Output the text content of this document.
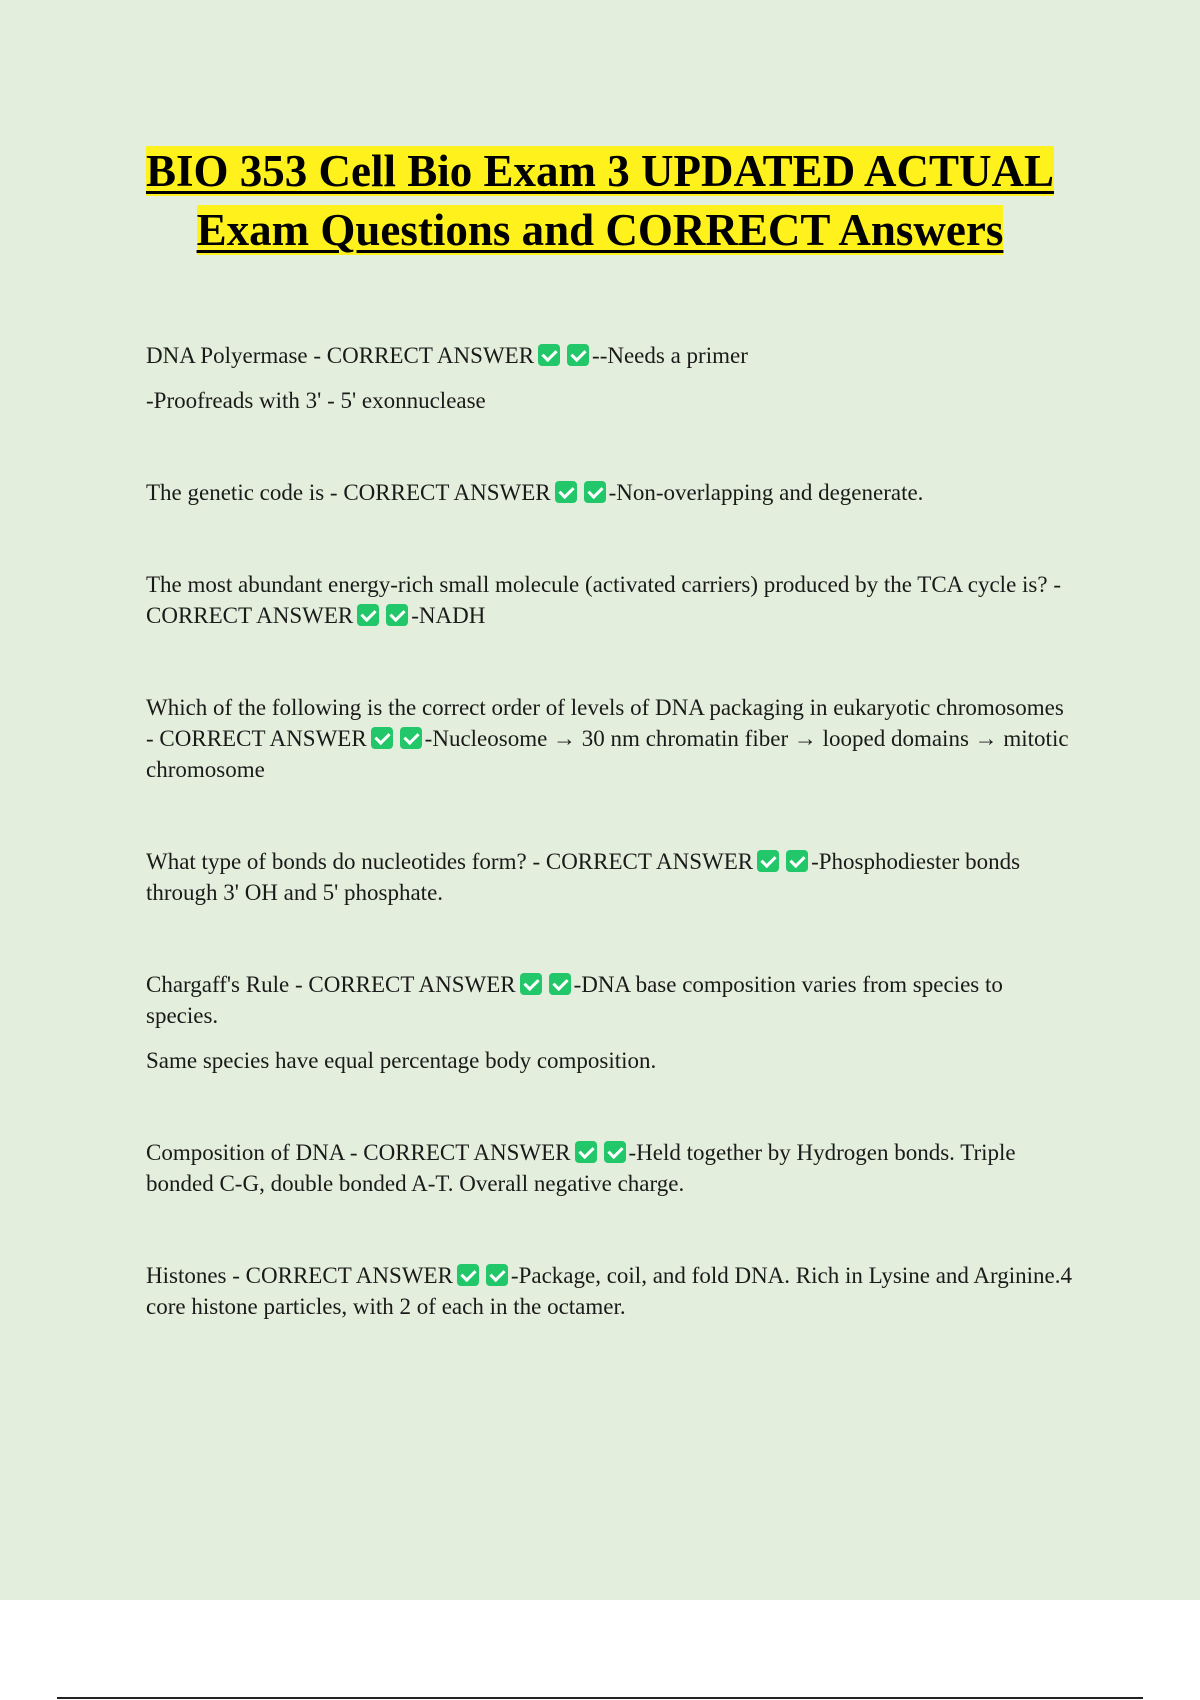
BIO 353 Cell Bio Exam 3 UPDATED ACTUAL Exam Questions and CORRECT Answers

DNA Polyermase - CORRECT ANSWER	--Needs a primer

-Proofreads with 3' - 5' exonnuclease

The genetic code is - CORRECT ANSWER	-Non-overlapping and degenerate.

The most abundant energy-rich small molecule (activated carriers) produced by the TCA cycle is? - CORRECT ANSWER	-NADH

Which of the following is the correct order of levels of DNA packaging in eukaryotic chromosomes - CORRECT ANSWER	-Nucleosome → 30 nm chromatin fiber → looped domains → mitotic chromosome

What type of bonds do nucleotides form? - CORRECT ANSWER	-Phosphodiester bonds through 3' OH and 5' phosphate.

Chargaff's Rule - CORRECT ANSWER	-DNA base composition varies from species to species.

Same species have equal percentage body composition.

Composition of DNA - CORRECT ANSWER	-Held together by Hydrogen bonds. Triple bonded C-G, double bonded A-T. Overall negative charge.

Histones - CORRECT ANSWER	-Package, coil, and fold DNA. Rich in Lysine and Arginine.4 core histone particles, with 2 of each in the octamer.
